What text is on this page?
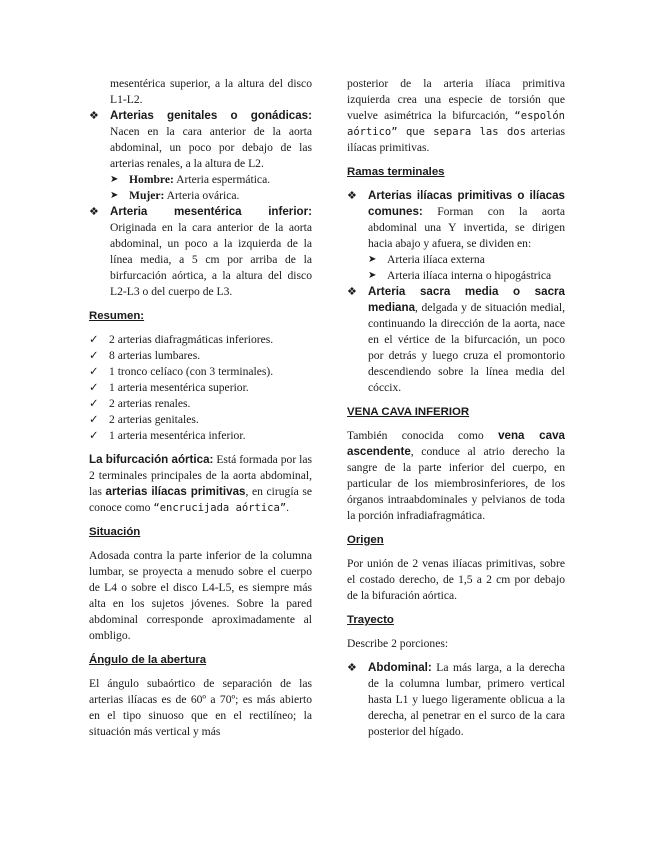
mesentérica superior, a la altura del disco L1-L2.

❖ Arterias genitales o gonádicas: Nacen en la cara anterior de la aorta abdominal, un poco por debajo de las arterias renales, a la altura de L2.

➤ Hombre: Arteria espermática.

➤ Mujer: Arteria ovárica.

❖ Arteria mesentérica inferior:

Originada en la cara anterior de la aorta abdominal, un poco a la izquierda de la línea media, a 5 cm por arriba de la birfurcación aórtica, a la altura del disco L2-L3 o del cuerpo de L3.

Resumen:
✓ 2 arterias diafragmáticas inferiores.
✓ 8 arterias lumbares.
✓ 1 tronco celíaco (con 3 terminales).
✓ 1 arteria mesentérica superior.
✓ 2 arterias renales.
✓ 2 arterias genitales.
✓ 1 arteria mesentérica inferior.

La bifurcación aórtica: Está formada por las 2 terminales principales de la aorta abdominal, las arterias ilíacas primitivas, en cirugía se conoce como “encrucijada aórtica”.

Situación

Adosada contra la parte inferior de la columna lumbar, se proyecta a menudo sobre el cuerpo de L4 o sobre el disco L4-L5, es siempre más alta en los sujetos jóvenes. Sobre la pared abdominal corresponde aproximadamente al ombligo.

Ángulo de la abertura

El ángulo subaórtico de separación de las arterias ilíacas es de 60º a 70º; es más abierto en el tipo sinuoso que en el rectilíneo; la situación más vertical y más

posterior de la arteria ilíaca primitiva izquierda crea una especie de torsión que vuelve asimétrica la bifurcación, “espolón aórtico” que separa las dos arterias ilíacas primitivas.

Ramas terminales
❖ Arterias ilíacas primitivas o ilíacas comunes: Forman con la aorta abdominal una Y invertida, se dirigen hacia abajo y afuera, se dividen en:

➤ Arteria ilíaca externa
➤ Arteria ilíaca interna o hipogástrica
❖ Arteria sacra media o sacra mediana, delgada y de situación medial, continuando la dirección de la aorta, nace en el vértice de la bifurcación, un poco por detrás y luego cruza el promontorio descendiendo sobre la línea media del cóccix.

VENA CAVA INFERIOR

También conocida como vena cava ascendente, conduce al atrio derecho la sangre de la parte inferior del cuerpo, en particular de los miembrosinferiores, de los órganos intraabdominales y pelvianos de toda la porción infradiafragmática.

Origen

Por unión de 2 venas ilíacas primitivas, sobre el costado derecho, de 1,5 a 2 cm por debajo de la bifuración aórtica.

Trayecto

Describe 2 porciones:

❖ Abdominal: La más larga, a la derecha de la columna lumbar, primero vertical hasta L1 y luego ligeramente oblicua a la derecha, al penetrar en el surco de la cara posterior del hígado.
